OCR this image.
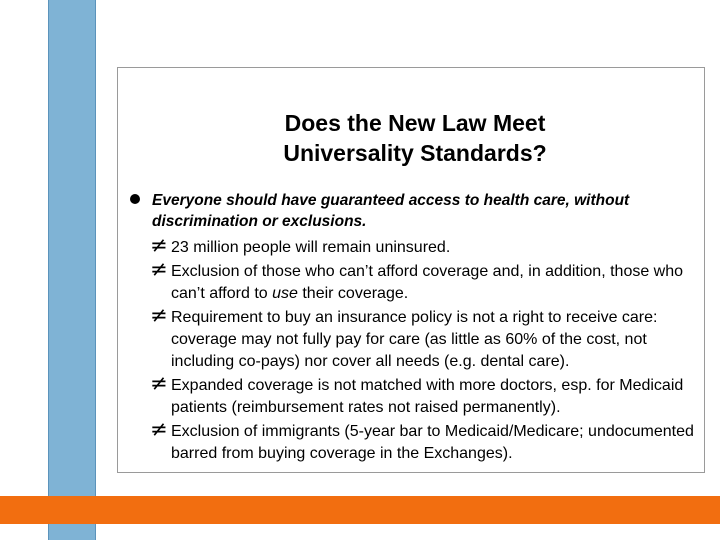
Does the New Law Meet
Universality Standards?
Everyone should have guaranteed access to health care, without discrimination or exclusions.
≠ 23 million people will remain uninsured.
≠ Exclusion of those who can’t afford coverage and, in addition, those who can’t afford to use their coverage.
≠ Requirement to buy an insurance policy is not a right to receive care: coverage may not fully pay for care (as little as 60% of the cost, not including co-pays) nor cover all needs (e.g. dental care).
≠ Expanded coverage is not matched with more doctors, esp. for Medicaid patients (reimbursement rates not raised permanently).
≠ Exclusion of immigrants (5-year bar to Medicaid/Medicare; undocumented barred from buying coverage in the Exchanges).
